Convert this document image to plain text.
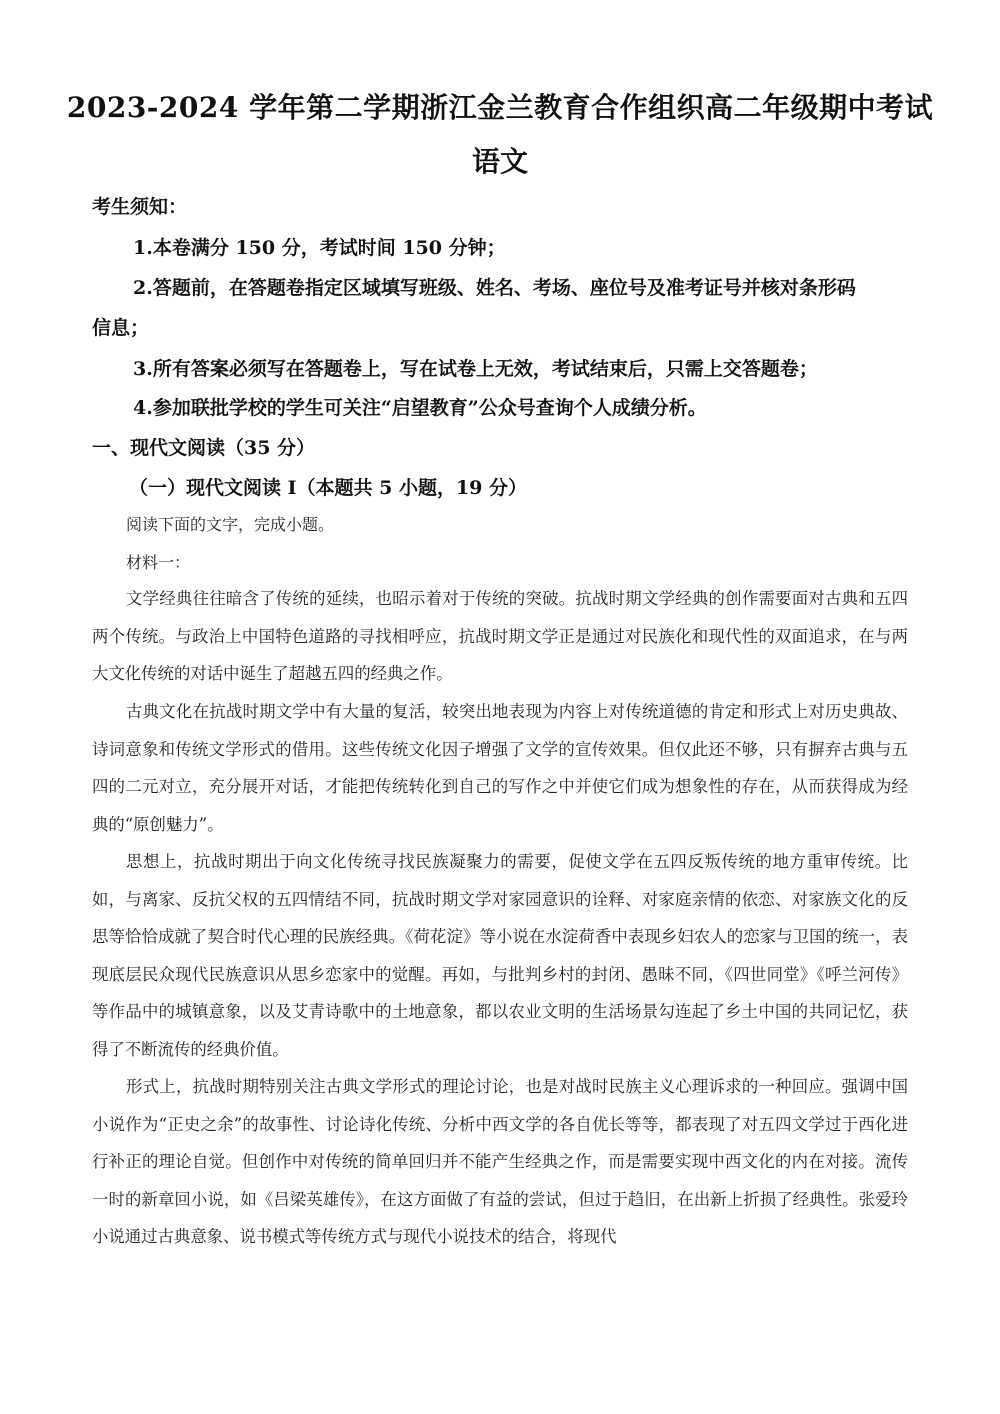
2023-2024 学年第二学期浙江金兰教育合作组织高二年级期中考试
语文
考生须知：
1.本卷满分 150 分，考试时间 150 分钟；
2.答题前，在答题卷指定区域填写班级、姓名、考场、座位号及准考证号并核对条形码
信息；
3.所有答案必须写在答题卷上，写在试卷上无效，考试结束后，只需上交答题卷；
4.参加联批学校的学生可关注“启望教育”公众号查询个人成绩分析。
一、现代文阅读（35 分）
（一）现代文阅读 I（本题共 5 小题，19 分）
阅读下面的文字，完成小题。
材料一：

文学经典往往暗含了传统的延续，也昭示着对于传统的突破。抗战时期文学经典的创作需要面对古典和五四两个传统。与政治上中国特色道路的寻找相呼应，抗战时期文学正是通过对民族化和现代性的双面追求，在与两大文化传统的对话中诞生了超越五四的经典之作。

古典文化在抗战时期文学中有大量的复活，较突出地表现为内容上对传统道德的肯定和形式上对历史典故、诗词意象和传统文学形式的借用。这些传统文化因子增强了文学的宣传效果。但仅此还不够，只有摒弃古典与五四的二元对立，充分展开对话，才能把传统转化到自己的写作之中并使它们成为想象性的存在，从而获得成为经典的“原创魅力”。

思想上，抗战时期出于向文化传统寻找民族凝聚力的需要，促使文学在五四反叛传统的地方重审传统。比如，与离家、反抗父权的五四情结不同，抗战时期文学对家园意识的诠释、对家庭亲情的依恋、对家族文化的反思等恰恰成就了契合时代心理的民族经典。《荷花淀》等小说在水淀荷香中表现乡妇农人的恋家与卫国的统一，表现底层民众现代民族意识从思乡恋家中的觉醒。再如，与批判乡村的封闭、愚昧不同，《四世同堂》《呼兰河传》等作品中的城镇意象，以及艾青诗歌中的土地意象，都以农业文明的生活场景勾连起了乡土中国的共同记忆，获得了不断流传的经典价值。

形式上，抗战时期特别关注古典文学形式的理论讨论，也是对战时民族主义心理诉求的一种回应。强调中国小说作为“正史之余”的故事性、讨论诗化传统、分析中西文学的各自优长等等，都表现了对五四文学过于西化进行补正的理论自觉。但创作中对传统的简单回归并不能产生经典之作，而是需要实现中西文化的内在对接。流传一时的新章回小说，如《吕梁英雄传》，在这方面做了有益的尝试，但过于趋旧，在出新上折损了经典性。张爱玲小说通过古典意象、说书模式等传统方式与现代小说技术的结合，将现代
